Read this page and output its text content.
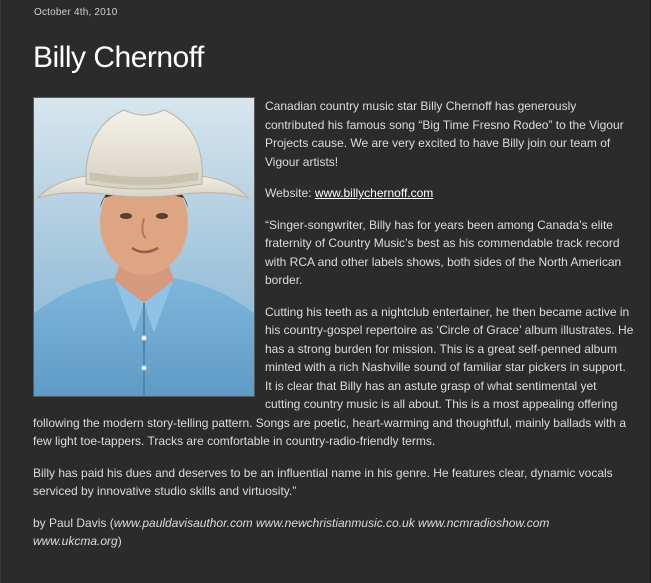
October 4th, 2010
Billy Chernoff

Canadian country music star Billy Chernoff has generously contributed his famous song “Big Time Fresno Rodeo” to the Vigour Projects cause. We are very excited to have Billy join our team of Vigour artists!

Website: www.billychernoff.com

“Singer-songwriter, Billy has for years been among Canada’s elite fraternity of Country Music’s best as his commendable track record with RCA and other labels shows, both sides of the North American border.

Cutting his teeth as a nightclub entertainer, he then became active in his country-gospel repertoire as ‘Circle of Grace’ album illustrates. He has a strong burden for mission. This is a great self-penned album minted with a rich Nashville sound of familiar star pickers in support. It is clear that Billy has an astute grasp of what sentimental yet cutting country music is all about. This is a most appealing offering following the modern story-telling pattern. Songs are poetic, heart-warming and thoughtful, mainly ballads with a few light toe-tappers. Tracks are comfortable in country-radio-friendly terms.

Billy has paid his dues and deserves to be an influential name in his genre. He features clear, dynamic vocals serviced by innovative studio skills and virtuosity.”

by Paul Davis (www.pauldavisauthor.com www.newchristianmusic.co.uk www.ncmradioshow.com www.ukcma.org)
